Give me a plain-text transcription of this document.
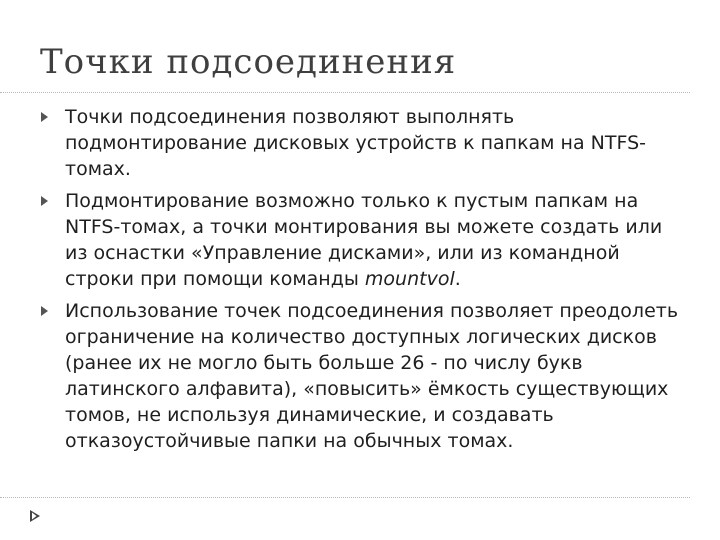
Точки подсоединения
Точки подсоединения позволяют выполнять подмонтирование дисковых устройств к папкам на NTFS-томах.
Подмонтирование возможно только к пустым папкам на NTFS-томах, а точки монтирования вы можете создать или из оснастки «Управление дисками», или из командной строки при помощи команды mountvol.
Использование точек подсоединения позволяет преодолеть ограничение на количество доступных логических дисков (ранее их не могло быть больше 26 - по числу букв латинского алфавита), «повысить» ёмкость существующих томов, не используя динамические, и создавать отказоустойчивые папки на обычных томах.
